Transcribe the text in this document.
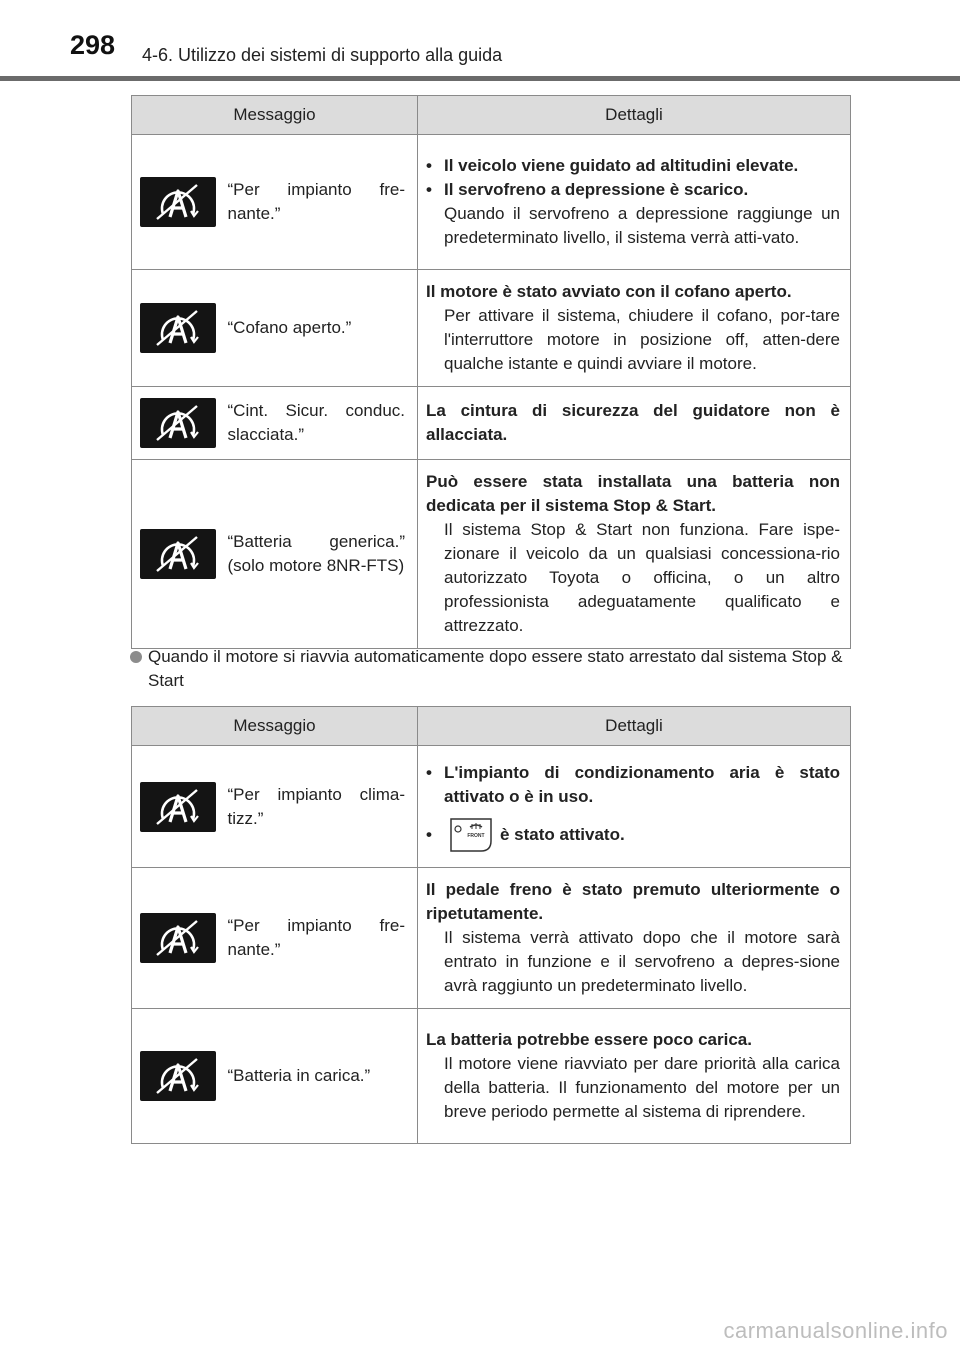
298 4-6. Utilizzo dei sistemi di supporto alla guida
Messaggio		Dettagli

	“Per impianto fre-nante.”	• Il veicolo viene guidato ad altitudini elevate.
• Il servofreno a depressione è scarico.
Quando il servofreno a depressione raggiunge un predeterminato livello, il sistema verrà atti-vato.

	“Cofano aperto.”	Il motore è stato avviato con il cofano aperto.
Per attivare il sistema, chiudere il cofano, por-tare l'interruttore motore in posizione off, atten-dere qualche istante e quindi avviare il motore.

	“Cint. Sicur. conduc. slacciata.”	La cintura di sicurezza del guidatore non è allacciata.

	“Batteria generica.” (solo motore 8NR-FTS)	Può essere stata installata una batteria non dedicata per il sistema Stop & Start.
Il sistema Stop & Start non funziona. Fare ispe-zionare il veicolo da un qualsiasi concessiona-rio autorizzato Toyota o officina, o un altro professionista adeguatamente qualificato e attrezzato.
Quando il motore si riavvia automaticamente dopo essere stato arrestato dal sistema Stop & Start
Messaggio		Dettagli

	“Per impianto clima-tizz.”	• L'impianto di condizionamento aria è stato attivato o è in uso.
• FRONT è stato attivato.

	“Per impianto fre-nante.”	Il pedale freno è stato premuto ulteriormente o ripetutamente.
Il sistema verrà attivato dopo che il motore sarà entrato in funzione e il servofreno a depres-sione avrà raggiunto un predeterminato livello.

	“Batteria in carica.”	La batteria potrebbe essere poco carica.
Il motore viene riavviato per dare priorità alla carica della batteria. Il funzionamento del motore per un breve periodo permette al sistema di riprendere.
carmanualsonline.info
